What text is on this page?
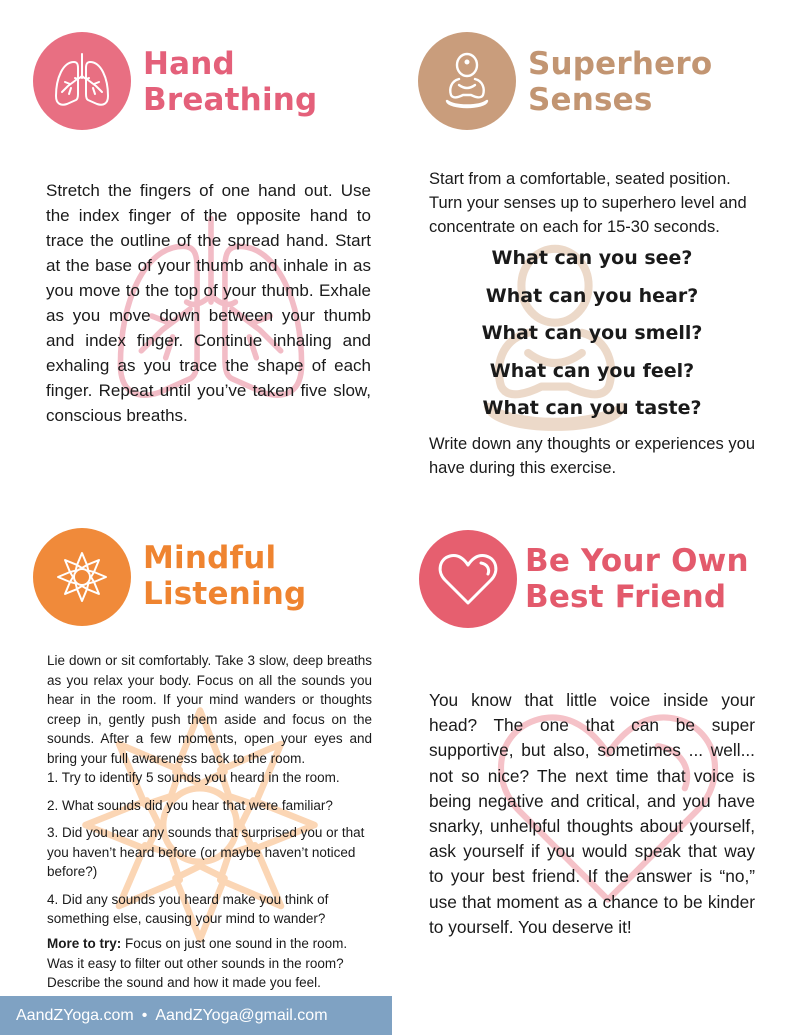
Hand
Breathing

Stretch the fingers of one hand out. Use the index finger of the opposite hand to trace the outline of the spread hand. Start at the base of your thumb and inhale in as you move to the top of your thumb. Exhale as you move down between your thumb and index finger. Continue inhaling and exhaling as you trace the shape of each finger. Repeat until you’ve taken five slow, conscious breaths.

Superhero
Senses

Start from a comfortable, seated position. Turn your senses up to superhero level and concentrate on each for 15-30 seconds.

What can you see?
What can you hear?
What can you smell?
What can you feel?
What can you taste?

Write down any thoughts or experiences you have during this exercise.

Mindful
Listening

Lie down or sit comfortably. Take 3 slow, deep breaths as you relax your body. Focus on all the sounds you hear in the room. If your mind wanders or thoughts creep in, gently push them aside and focus on the sounds. After a few moments, open your eyes and bring your full awareness back to the room.

1. Try to identify 5 sounds you heard in the room.
2. What sounds did you hear that were familiar?
3. Did you hear any sounds that surprised you or that you haven’t heard before (or maybe haven’t noticed before?)
4. Did any sounds you heard make you think of something else, causing your mind to wander?

More to try: Focus on just one sound in the room. Was it easy to filter out other sounds in the room? Describe the sound and how it made you feel.

Be Your Own
Best Friend

You know that little voice inside your head? The one that can be super supportive, but also, sometimes ... well... not so nice? The next time that voice is being negative and critical, and you have snarky, unhelpful thoughts about yourself, ask yourself if you would speak that way to your best friend. If the answer is “no,” use that moment as a chance to be kinder to yourself. You deserve it!

AandZYoga.com • AandZYoga@gmail.com
